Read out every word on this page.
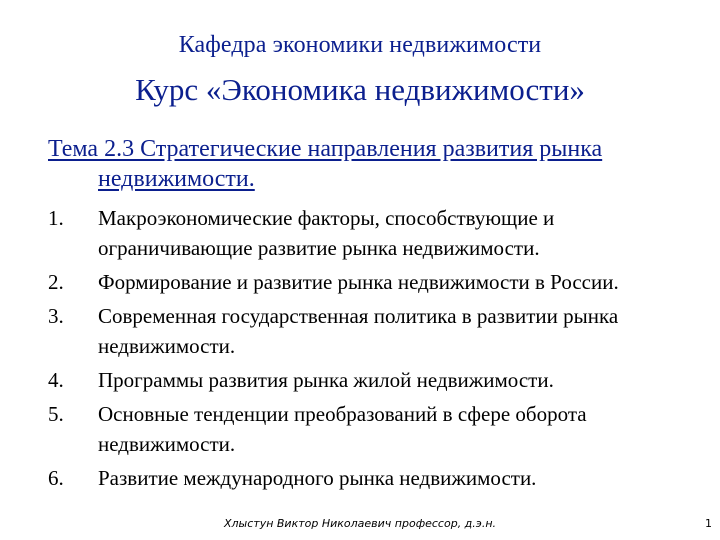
Кафедра экономики недвижимости
Курс «Экономика недвижимости»
Тема 2.3 Стратегические направления развития рынка недвижимости.
1.	Макроэкономические факторы, способствующие и ограничивающие развитие рынка недвижимости.
2.	Формирование и развитие рынка недвижимости в России.
3.	Современная государственная политика в развитии рынка недвижимости.
4.	Программы развития рынка жилой недвижимости.
5.	Основные тенденции преобразований в сфере оборота недвижимости.
6.	Развитие международного рынка недвижимости.
Хлыстун Виктор Николаевич профессор, д.э.н.	1
